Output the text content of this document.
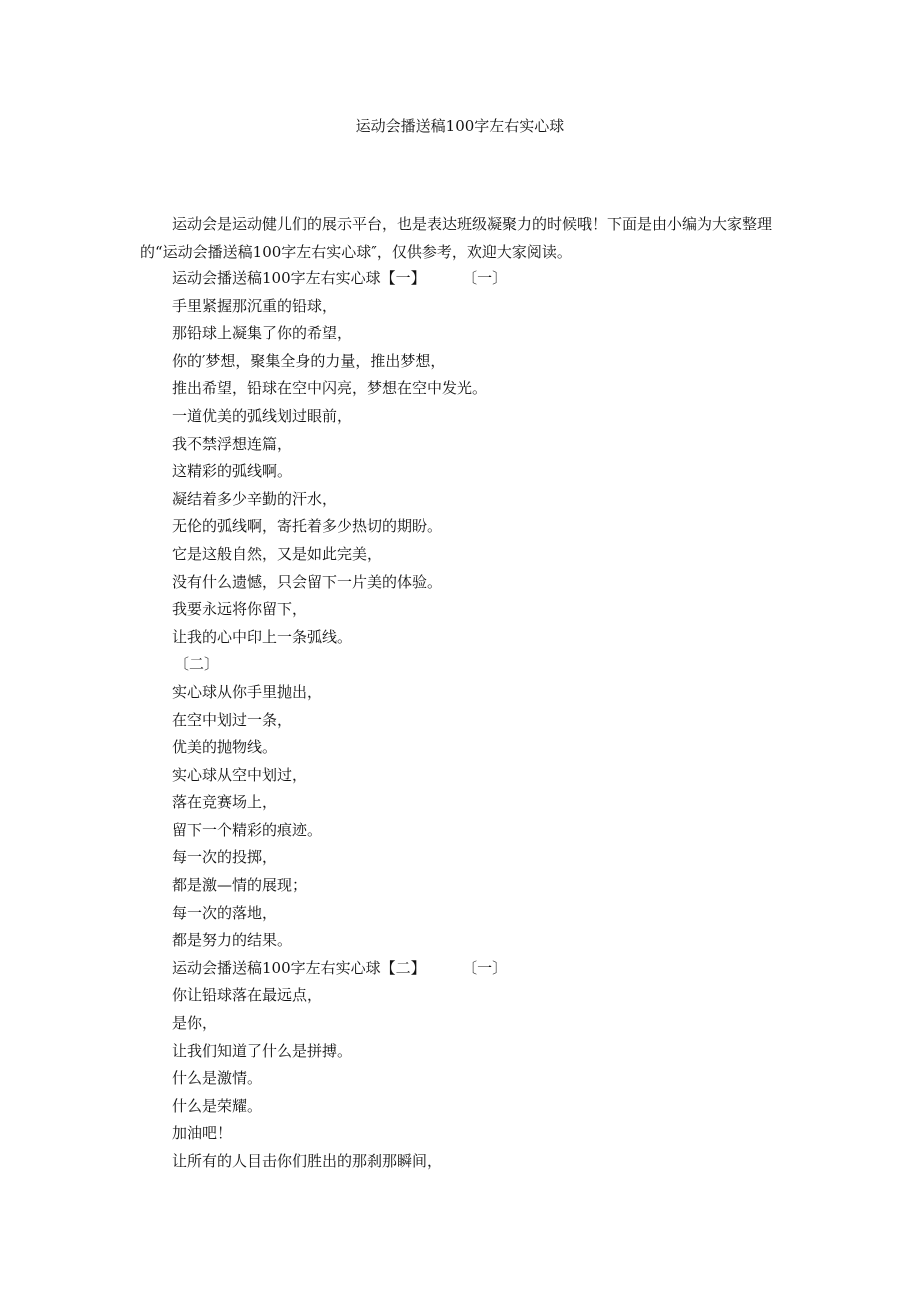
运动会播送稿100字左右实心球

运动会是运动健儿们的展示平台，也是表达班级凝聚力的时候哦！下面是由小编为大家整理的“运动会播送稿100字左右实心球″，仅供参考，欢迎大家阅读。

运动会播送稿100字左右实心球【一】	〔一〕
手里紧握那沉重的铅球，
那铅球上凝集了你的希望，
你的′梦想，聚集全身的力量，推出梦想，
推出希望，铅球在空中闪亮，梦想在空中发光。
一道优美的弧线划过眼前，
我不禁浮想连篇，
这精彩的弧线啊。
凝结着多少辛勤的汗水，
无伦的弧线啊，寄托着多少热切的期盼。
它是这般自然，又是如此完美，
没有什么遗憾，只会留下一片美的体验。
我要永远将你留下，
让我的心中印上一条弧线。
〔二〕
实心球从你手里抛出，
在空中划过一条，
优美的抛物线。
实心球从空中划过，
落在竞赛场上，
留下一个精彩的痕迹。
每一次的投掷，
都是激—情的展现；
每一次的落地，
都是努力的结果。
运动会播送稿100字左右实心球【二】	〔一〕
你让铅球落在最远点，
是你，
让我们知道了什么是拼搏。
什么是激情。
什么是荣耀。
加油吧！
让所有的人目击你们胜出的那刹那瞬间，
